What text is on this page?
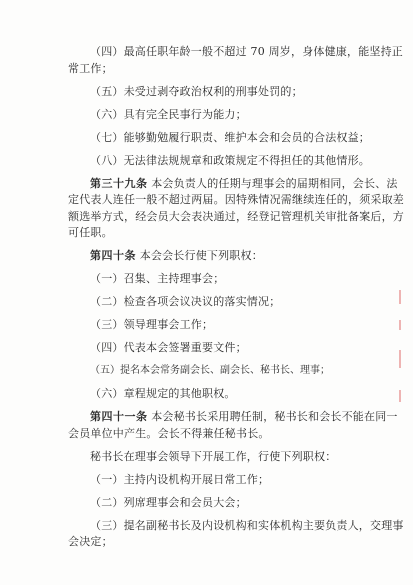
（四）最高任职年龄一般不超过 70 周岁，身体健康，能坚持正
常工作；
（五）未受过剥夺政治权利的刑事处罚的；
（六）具有完全民事行为能力；
（七）能够勤勉履行职责、维护本会和会员的合法权益；
（八）无法律法规规章和政策规定不得担任的其他情形。
第三十九条 本会负责人的任期与理事会的届期相同，会长、法
定代表人连任一般不超过两届。因特殊情况需继续连任的，须采取差
额选举方式，经会员大会表决通过，经登记管理机关审批备案后，方
可任职。
第四十条 本会会长行使下列职权：
（一）召集、主持理事会；
（二）检查各项会议决议的落实情况；
（三）领导理事会工作；
（四）代表本会签署重要文件；
（五）提名本会常务副会长、副会长、秘书长、理事；
（六）章程规定的其他职权。
第四十一条 本会秘书长采用聘任制，秘书长和会长不能在同一
会员单位中产生。会长不得兼任秘书长。
秘书长在理事会领导下开展工作，行使下列职权：
（一）主持内设机构开展日常工作；
（二）列席理事会和会员大会；
（三）提名副秘书长及内设机构和实体机构主要负责人，交理事
会决定；
